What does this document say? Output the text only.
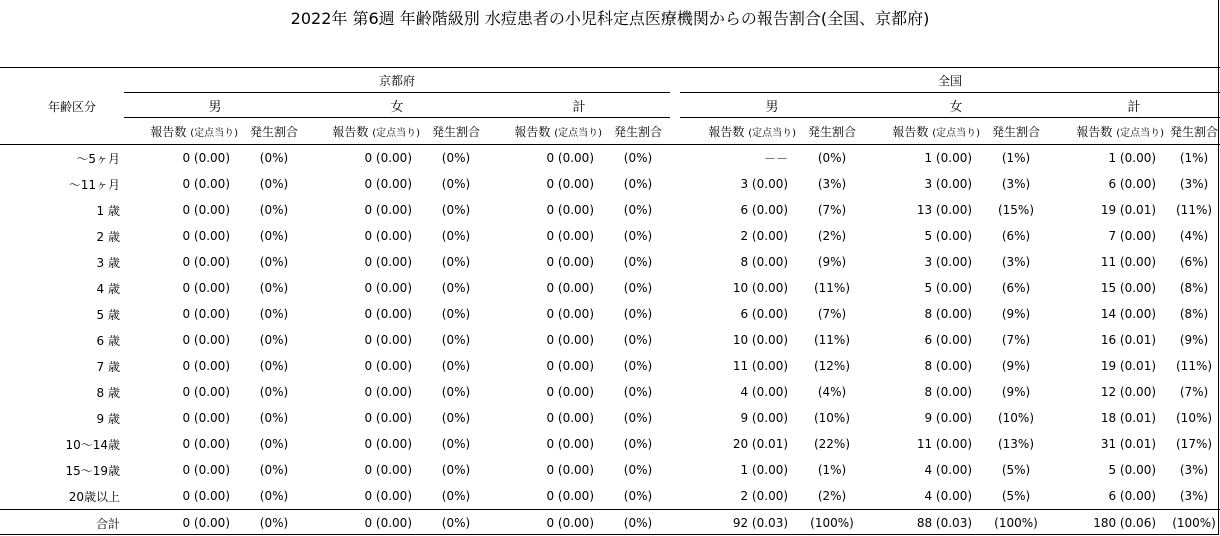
2022年 第6週 年齢階級別 水痘患者の小児科定点医療機関からの報告割合(全国、京都府)
年齢区分	京都府							全国					
	男		女		計			男		女		計	
	報告数 (定点当り)	発生割合	報告数 (定点当り)	発生割合	報告数 (定点当り)	発生割合		報告数 (定点当り)	発生割合	報告数 (定点当り)	発生割合	報告数 (定点当り)	発生割合
～5ヶ月	0 (0.00)	(0%)	0 (0.00)	(0%)	0 (0.00)	(0%)		－－	(0%)	1 (0.00)	(1%)	1 (0.00)	(1%)
～11ヶ月	0 (0.00)	(0%)	0 (0.00)	(0%)	0 (0.00)	(0%)		3 (0.00)	(3%)	3 (0.00)	(3%)	6 (0.00)	(3%)
1 歳	0 (0.00)	(0%)	0 (0.00)	(0%)	0 (0.00)	(0%)		6 (0.00)	(7%)	13 (0.00)	(15%)	19 (0.01)	(11%)
2 歳	0 (0.00)	(0%)	0 (0.00)	(0%)	0 (0.00)	(0%)		2 (0.00)	(2%)	5 (0.00)	(6%)	7 (0.00)	(4%)
3 歳	0 (0.00)	(0%)	0 (0.00)	(0%)	0 (0.00)	(0%)		8 (0.00)	(9%)	3 (0.00)	(3%)	11 (0.00)	(6%)
4 歳	0 (0.00)	(0%)	0 (0.00)	(0%)	0 (0.00)	(0%)		10 (0.00)	(11%)	5 (0.00)	(6%)	15 (0.00)	(8%)
5 歳	0 (0.00)	(0%)	0 (0.00)	(0%)	0 (0.00)	(0%)		6 (0.00)	(7%)	8 (0.00)	(9%)	14 (0.00)	(8%)
6 歳	0 (0.00)	(0%)	0 (0.00)	(0%)	0 (0.00)	(0%)		10 (0.00)	(11%)	6 (0.00)	(7%)	16 (0.01)	(9%)
7 歳	0 (0.00)	(0%)	0 (0.00)	(0%)	0 (0.00)	(0%)		11 (0.00)	(12%)	8 (0.00)	(9%)	19 (0.01)	(11%)
8 歳	0 (0.00)	(0%)	0 (0.00)	(0%)	0 (0.00)	(0%)		4 (0.00)	(4%)	8 (0.00)	(9%)	12 (0.00)	(7%)
9 歳	0 (0.00)	(0%)	0 (0.00)	(0%)	0 (0.00)	(0%)		9 (0.00)	(10%)	9 (0.00)	(10%)	18 (0.01)	(10%)
10～14歳	0 (0.00)	(0%)	0 (0.00)	(0%)	0 (0.00)	(0%)		20 (0.01)	(22%)	11 (0.00)	(13%)	31 (0.01)	(17%)
15～19歳	0 (0.00)	(0%)	0 (0.00)	(0%)	0 (0.00)	(0%)		1 (0.00)	(1%)	4 (0.00)	(5%)	5 (0.00)	(3%)
20歳以上	0 (0.00)	(0%)	0 (0.00)	(0%)	0 (0.00)	(0%)		2 (0.00)	(2%)	4 (0.00)	(5%)	6 (0.00)	(3%)
合計	0 (0.00)	(0%)	0 (0.00)	(0%)	0 (0.00)	(0%)		92 (0.03)	(100%)	88 (0.03)	(100%)	180 (0.06)	(100%)
